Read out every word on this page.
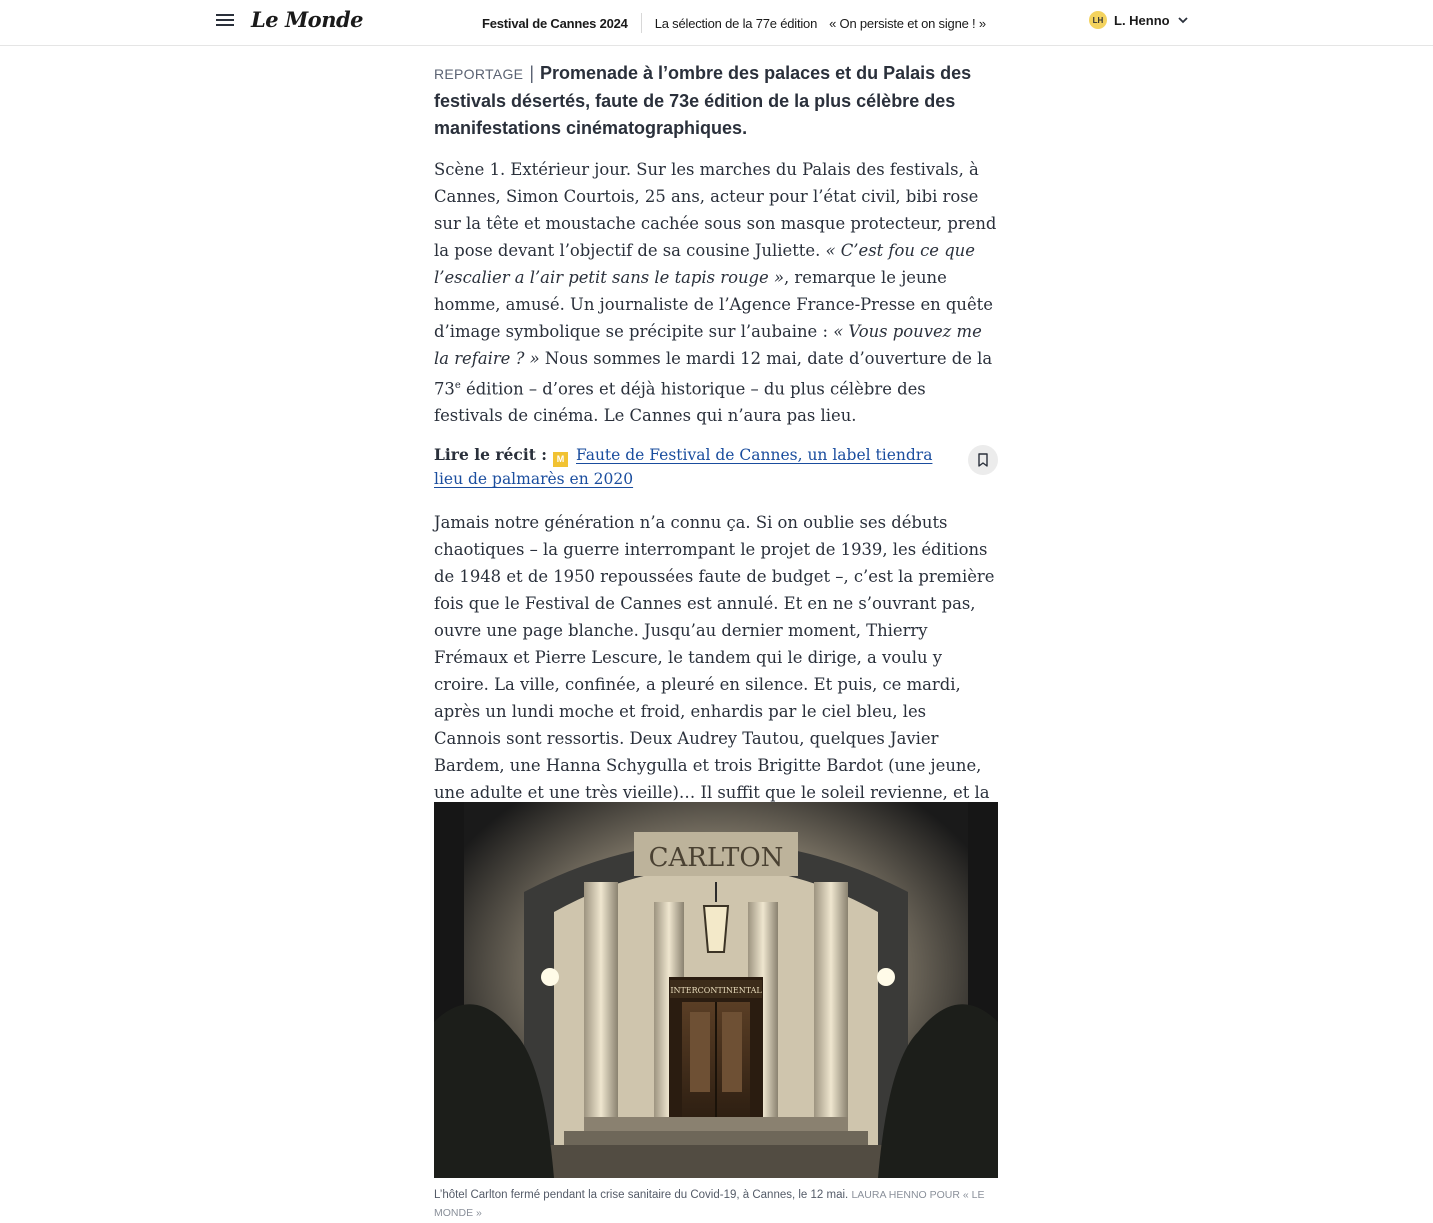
Le Monde	Festival de Cannes 2024 La sélection de la 77e édition « On persiste et on signe ! »	LH L. Henno

REPORTAGE | Promenade à l’ombre des palaces et du Palais des festivals désertés, faute de 73e édition de la plus célèbre des manifestations cinématographiques.

Scène 1. Extérieur jour. Sur les marches du Palais des festivals, à Cannes, Simon Courtois, 25 ans, acteur pour l’état civil, bibi rose sur la tête et moustache cachée sous son masque protecteur, prend la pose devant l’objectif de sa cousine Juliette. « C’est fou ce que l’escalier a l’air petit sans le tapis rouge », remarque le jeune homme, amusé. Un journaliste de l’Agence France-Presse en quête d’image symbolique se précipite sur l’aubaine : « Vous pouvez me la refaire ? » Nous sommes le mardi 12 mai, date d’ouverture de la 73e édition – d’ores et déjà historique – du plus célèbre des festivals de cinéma. Le Cannes qui n’aura pas lieu.

Lire le récit : M Faute de Festival de Cannes, un label tiendra lieu de palmarès en 2020

Jamais notre génération n’a connu ça. Si on oublie ses débuts chaotiques – la guerre interrompant le projet de 1939, les éditions de 1948 et de 1950 repoussées faute de budget –, c’est la première fois que le Festival de Cannes est annulé. Et en ne s’ouvrant pas, ouvre une page blanche. Jusqu’au dernier moment, Thierry Frémaux et Pierre Lescure, le tandem qui le dirige, a voulu y croire. La ville, confinée, a pleuré en silence. Et puis, ce mardi, après un lundi moche et froid, enhardis par le ciel bleu, les Cannois sont ressortis. Deux Audrey Tautou, quelques Javier Bardem, une Hanna Schygulla et trois Brigitte Bardot (une jeune, une adulte et une très vieille)… Il suffit que le soleil revienne, et la

CARLTON
INTERCONTINENTAL
L’hôtel Carlton fermé pendant la crise sanitaire du Covid-19, à Cannes, le 12 mai. LAURA HENNO POUR « LE MONDE »
